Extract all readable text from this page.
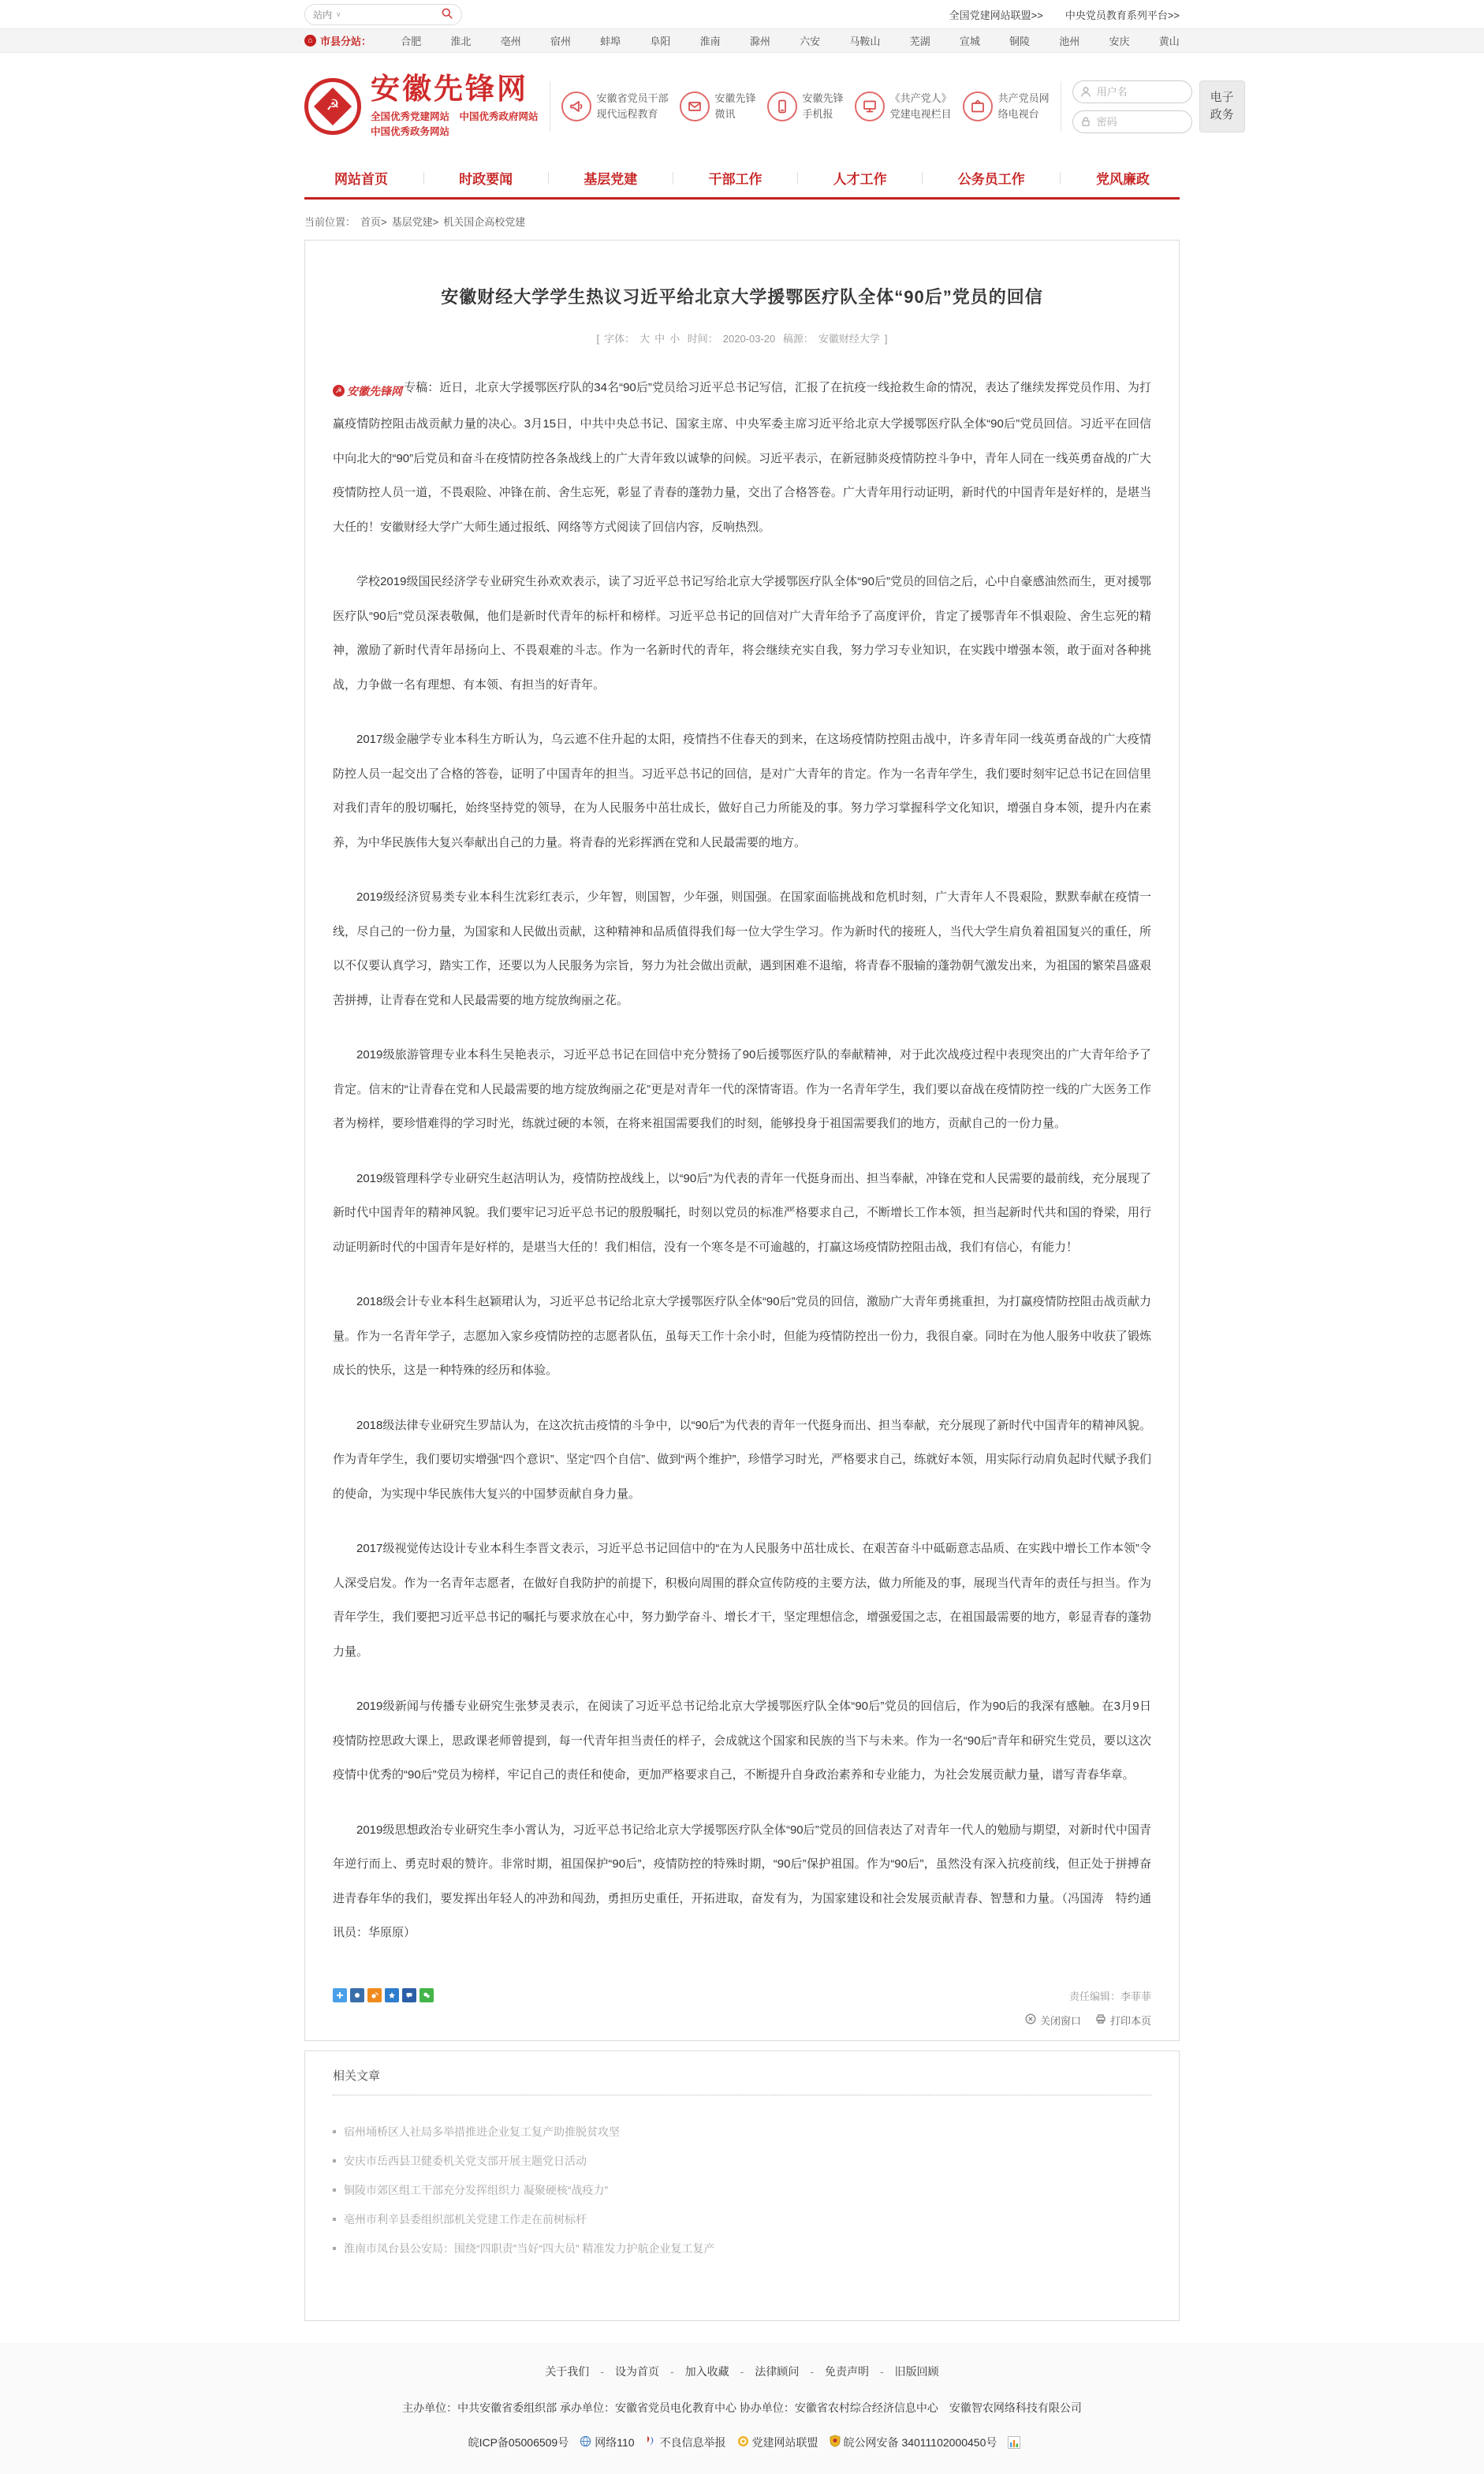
站内 ∨	全国党建网站联盟>> 中央党员教育系列平台>>
⌂ 市县分站：	合肥	淮北	亳州	宿州	蚌埠	阜阳	淮南	滁州	六安	马鞍山	芜湖	宣城	铜陵	池州	安庆	黄山
☭
安徽先锋网
全国优秀党建网站　中国优秀政府网站
中国优秀政务网站
安徽省党员干部
现代远程教育
安徽先锋
微讯
安徽先锋
手机报
《共产党人》
党建电视栏目
共产党员网
络电视台
用户名
电子
政务
网站首页	时政要闻	基层党建	干部工作	人才工作	公务员工作	党风廉政
当前位置： 首页> 基层党建> 机关国企高校党建
安徽财经大学学生热议习近平给北京大学援鄂医疗队全体“90后”党员的回信
[ 字体： 大 中 小 时间： 2020-03-20 稿源： 安徽财经大学 ]

☭ 安徽先锋网 专稿：近日，北京大学援鄂医疗队的34名“90后”党员给习近平总书记写信，汇报了在抗疫一线抢救生命的情况，表达了继续发挥党员作用、为打赢疫情防控阻击战贡献力量的决心。3月15日，中共中央总书记、国家主席、中央军委主席习近平给北京大学援鄂医疗队全体“90后”党员回信。习近平在回信中向北大的“90”后党员和奋斗在疫情防控各条战线上的广大青年致以诚挚的问候。习近平表示，在新冠肺炎疫情防控斗争中，青年人同在一线英勇奋战的广大疫情防控人员一道，不畏艰险、冲锋在前、舍生忘死，彰显了青春的蓬勃力量，交出了合格答卷。广大青年用行动证明，新时代的中国青年是好样的，是堪当大任的！安徽财经大学广大师生通过报纸、网络等方式阅读了回信内容，反响热烈。

学校2019级国民经济学专业研究生孙欢欢表示，读了习近平总书记写给北京大学援鄂医疗队全体“90后”党员的回信之后，心中自豪感油然而生，更对援鄂医疗队“90后”党员深表敬佩，他们是新时代青年的标杆和榜样。习近平总书记的回信对广大青年给予了高度评价，肯定了援鄂青年不惧艰险、舍生忘死的精神，激励了新时代青年昂扬向上、不畏艰难的斗志。作为一名新时代的青年，将会继续充实自我，努力学习专业知识，在实践中增强本领，敢于面对各种挑战，力争做一名有理想、有本领、有担当的好青年。

2017级金融学专业本科生方昕认为，乌云遮不住升起的太阳，疫情挡不住春天的到来，在这场疫情防控阻击战中，许多青年同一线英勇奋战的广大疫情防控人员一起交出了合格的答卷，证明了中国青年的担当。习近平总书记的回信，是对广大青年的肯定。作为一名青年学生，我们要时刻牢记总书记在回信里对我们青年的殷切嘱托，始终坚持党的领导，在为人民服务中茁壮成长，做好自己力所能及的事。努力学习掌握科学文化知识，增强自身本领，提升内在素养，为中华民族伟大复兴奉献出自己的力量。将青春的光彩挥洒在党和人民最需要的地方。

2019级经济贸易类专业本科生沈彩红表示，少年智，则国智，少年强，则国强。在国家面临挑战和危机时刻，广大青年人不畏艰险，默默奉献在疫情一线，尽自己的一份力量，为国家和人民做出贡献，这种精神和品质值得我们每一位大学生学习。作为新时代的接班人，当代大学生肩负着祖国复兴的重任，所以不仅要认真学习，踏实工作，还要以为人民服务为宗旨，努力为社会做出贡献，遇到困难不退缩，将青春不服输的蓬勃朝气激发出来，为祖国的繁荣昌盛艰苦拼搏，让青春在党和人民最需要的地方绽放绚丽之花。

2019级旅游管理专业本科生吴艳表示，习近平总书记在回信中充分赞扬了90后援鄂医疗队的奉献精神，对于此次战疫过程中表现突出的广大青年给予了肯定。信末的“让青春在党和人民最需要的地方绽放绚丽之花”更是对青年一代的深情寄语。作为一名青年学生，我们要以奋战在疫情防控一线的广大医务工作者为榜样，要珍惜难得的学习时光，练就过硬的本领，在将来祖国需要我们的时刻，能够投身于祖国需要我们的地方，贡献自己的一份力量。

2019级管理科学专业研究生赵洁明认为，疫情防控战线上，以“90后”为代表的青年一代挺身而出、担当奉献，冲锋在党和人民需要的最前线，充分展现了新时代中国青年的精神风貌。我们要牢记习近平总书记的殷殷嘱托，时刻以党员的标准严格要求自己，不断增长工作本领，担当起新时代共和国的脊梁，用行动证明新时代的中国青年是好样的，是堪当大任的！我们相信，没有一个寒冬是不可逾越的，打赢这场疫情防控阻击战，我们有信心，有能力！

2018级会计专业本科生赵颖珺认为，习近平总书记给北京大学援鄂医疗队全体“90后”党员的回信，激励广大青年勇挑重担，为打赢疫情防控阻击战贡献力量。作为一名青年学子，志愿加入家乡疫情防控的志愿者队伍，虽每天工作十余小时，但能为疫情防控出一份力，我很自豪。同时在为他人服务中收获了锻炼成长的快乐，这是一种特殊的经历和体验。

2018级法律专业研究生罗喆认为，在这次抗击疫情的斗争中，以“90后”为代表的青年一代挺身而出、担当奉献，充分展现了新时代中国青年的精神风貌。作为青年学生，我们要切实增强“四个意识”、坚定“四个自信”、做到“两个维护”，珍惜学习时光，严格要求自己，练就好本领，用实际行动肩负起时代赋予我们的使命，为实现中华民族伟大复兴的中国梦贡献自身力量。

2017级视觉传达设计专业本科生李晋文表示，习近平总书记回信中的“在为人民服务中茁壮成长、在艰苦奋斗中砥砺意志品质、在实践中增长工作本领”令人深受启发。作为一名青年志愿者，在做好自我防护的前提下，积极向周围的群众宣传防疫的主要方法，做力所能及的事，展现当代青年的责任与担当。作为青年学生，我们要把习近平总书记的嘱托与要求放在心中，努力勤学奋斗、增长才干，坚定理想信念，增强爱国之志，在祖国最需要的地方，彰显青春的蓬勃力量。

2019级新闻与传播专业研究生张梦灵表示，在阅读了习近平总书记给北京大学援鄂医疗队全体“90后”党员的回信后，作为90后的我深有感触。在3月9日疫情防控思政大课上，思政课老师曾提到，每一代青年担当责任的样子，会成就这个国家和民族的当下与未来。作为一名“90后”青年和研究生党员，要以这次疫情中优秀的“90后”党员为榜样，牢记自己的责任和使命，更加严格要求自己，不断提升自身政治素养和专业能力，为社会发展贡献力量，谱写青春华章。

2019级思想政治专业研究生李小霄认为，习近平总书记给北京大学援鄂医疗队全体“90后”党员的回信表达了对青年一代人的勉励与期望，对新时代中国青年逆行而上、勇克时艰的赞许。非常时期，祖国保护“90后”，疫情防控的特殊时期，“90后”保护祖国。作为“90后”，虽然没有深入抗疫前线，但正处于拼搏奋进青春年华的我们，要发挥出年轻人的冲劲和闯劲，勇担历史重任，开拓进取，奋发有为，为国家建设和社会发展贡献青春、智慧和力量。（冯国涛　特约通讯员：华原原）

责任编辑：李菲菲
关闭窗口	打印本页
相关文章
宿州埇桥区人社局多举措推进企业复工复产助推脱贫攻坚
安庆市岳西县卫健委机关党支部开展主题党日活动
铜陵市郊区组工干部充分发挥组织力 凝聚硬核“战疫力”
亳州市利辛县委组织部机关党建工作走在前树标杆
淮南市凤台县公安局：围绕“四职责”当好“四大员” 精准发力护航企业复工复产
关于我们 - 设为首页 - 加入收藏 - 法律顾问 - 免责声明 - 旧版回顾
主办单位：中共安徽省委组织部 承办单位：安徽省党员电化教育中心 协办单位：安徽省农村综合经济信息中心　安徽智农网络科技有限公司
皖ICP备05006509号 网络110 不良信息举报 党建网站联盟 皖公网安备 34011102000450号
